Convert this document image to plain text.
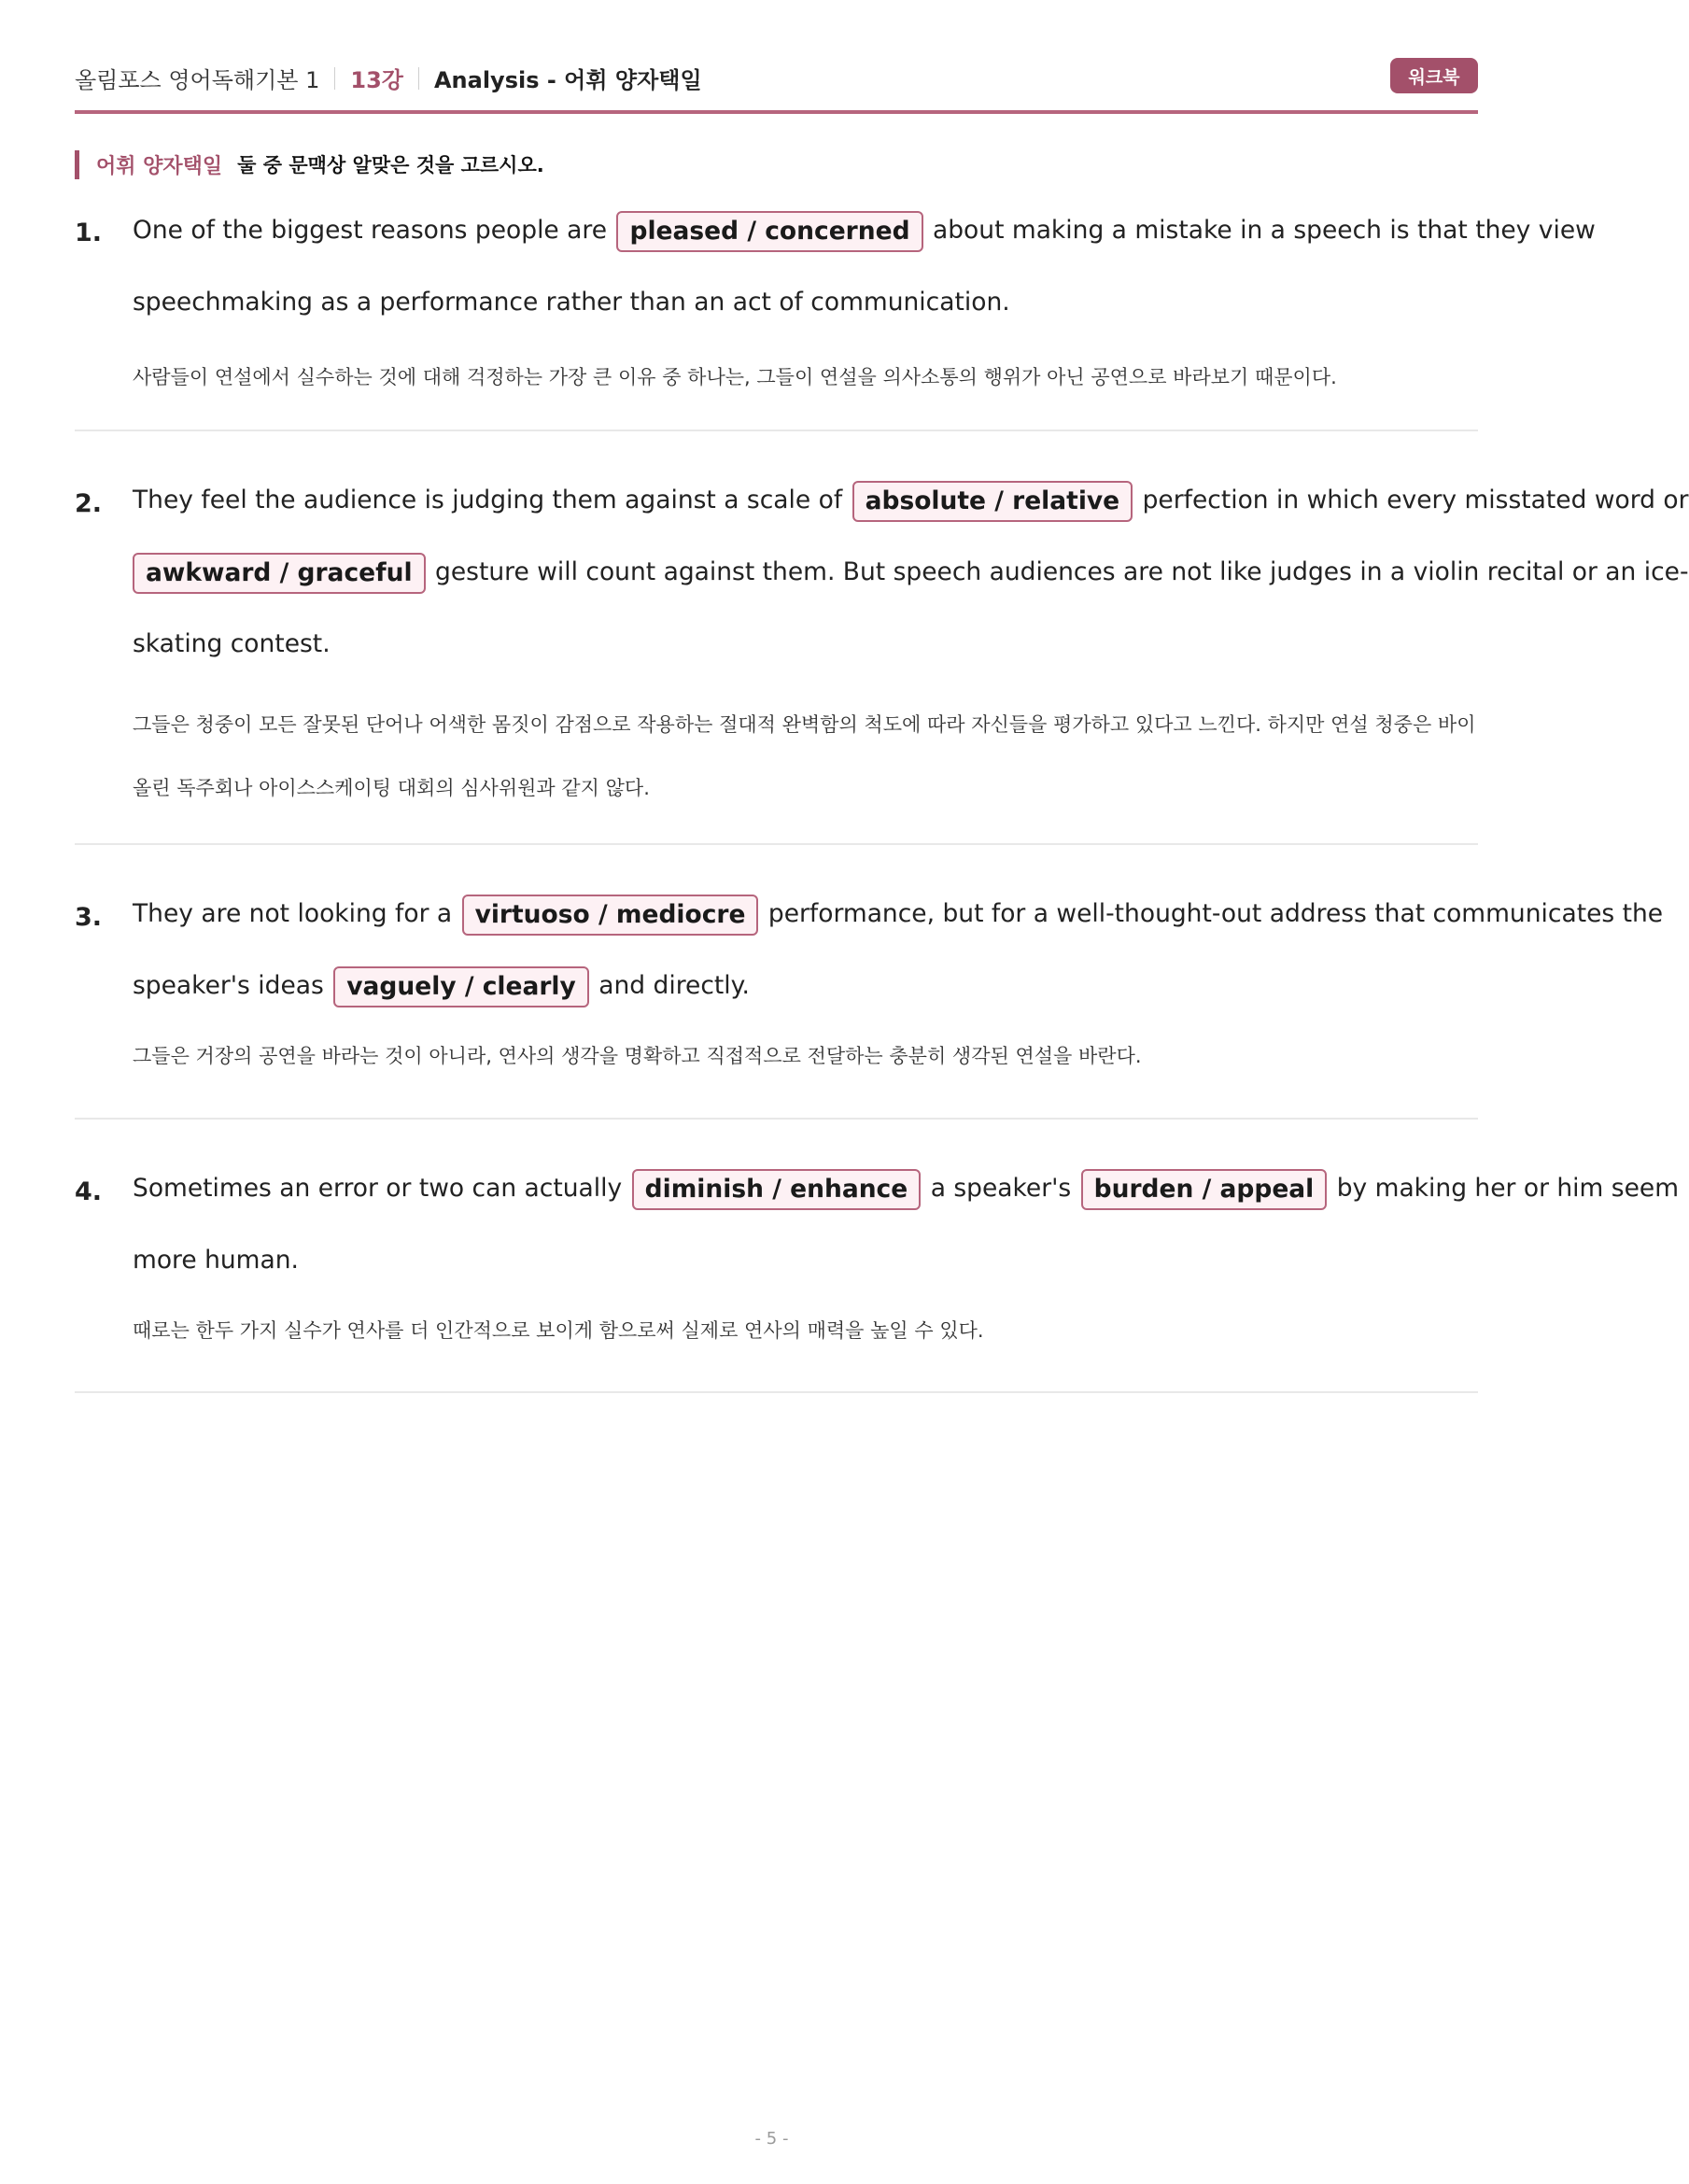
올림포스 영어독해기본 1 13강 Analysis - 어휘 양자택일	워크북
어휘 양자택일 둘 중 문맥상 알맞은 것을 고르시오.
1. One of the biggest reasons people are pleased / concerned about making a mistake in a speech is that they view
speechmaking as a performance rather than an act of communication.
사람들이 연설에서 실수하는 것에 대해 걱정하는 가장 큰 이유 중 하나는, 그들이 연설을 의사소통의 행위가 아닌 공연으로 바라보기 때문이다.
2. They feel the audience is judging them against a scale of absolute / relative perfection in which every misstated word or
awkward / graceful gesture will count against them. But speech audiences are not like judges in a violin recital or an ice-
skating contest.
그들은 청중이 모든 잘못된 단어나 어색한 몸짓이 감점으로 작용하는 절대적 완벽함의 척도에 따라 자신들을 평가하고 있다고 느낀다. 하지만 연설 청중은 바이
올린 독주회나 아이스스케이팅 대회의 심사위원과 같지 않다.
3. They are not looking for a virtuoso / mediocre performance, but for a well-thought-out address that communicates the
speaker's ideas vaguely / clearly and directly.
그들은 거장의 공연을 바라는 것이 아니라, 연사의 생각을 명확하고 직접적으로 전달하는 충분히 생각된 연설을 바란다.
4. Sometimes an error or two can actually diminish / enhance a speaker's burden / appeal by making her or him seem
more human.
때로는 한두 가지 실수가 연사를 더 인간적으로 보이게 함으로써 실제로 연사의 매력을 높일 수 있다.
- 5 -
